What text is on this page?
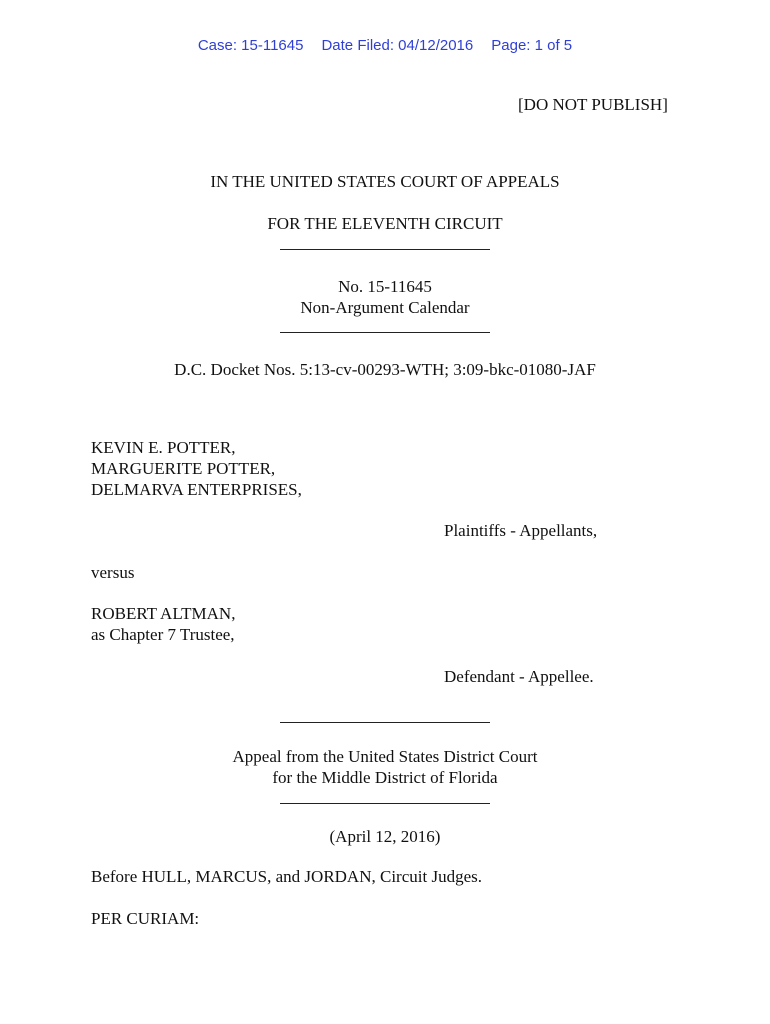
Case: 15-11645 Date Filed: 04/12/2016 Page: 1 of 5
[DO NOT PUBLISH]
IN THE UNITED STATES COURT OF APPEALS
FOR THE ELEVENTH CIRCUIT
No. 15-11645
Non-Argument Calendar
D.C. Docket Nos. 5:13-cv-00293-WTH; 3:09-bkc-01080-JAF
KEVIN E. POTTER,
MARGUERITE POTTER,
DELMARVA ENTERPRISES,
Plaintiffs - Appellants,
versus
ROBERT ALTMAN,
as Chapter 7 Trustee,
Defendant - Appellee.
Appeal from the United States District Court
for the Middle District of Florida
(April 12, 2016)
Before HULL, MARCUS, and JORDAN, Circuit Judges.
PER CURIAM:
